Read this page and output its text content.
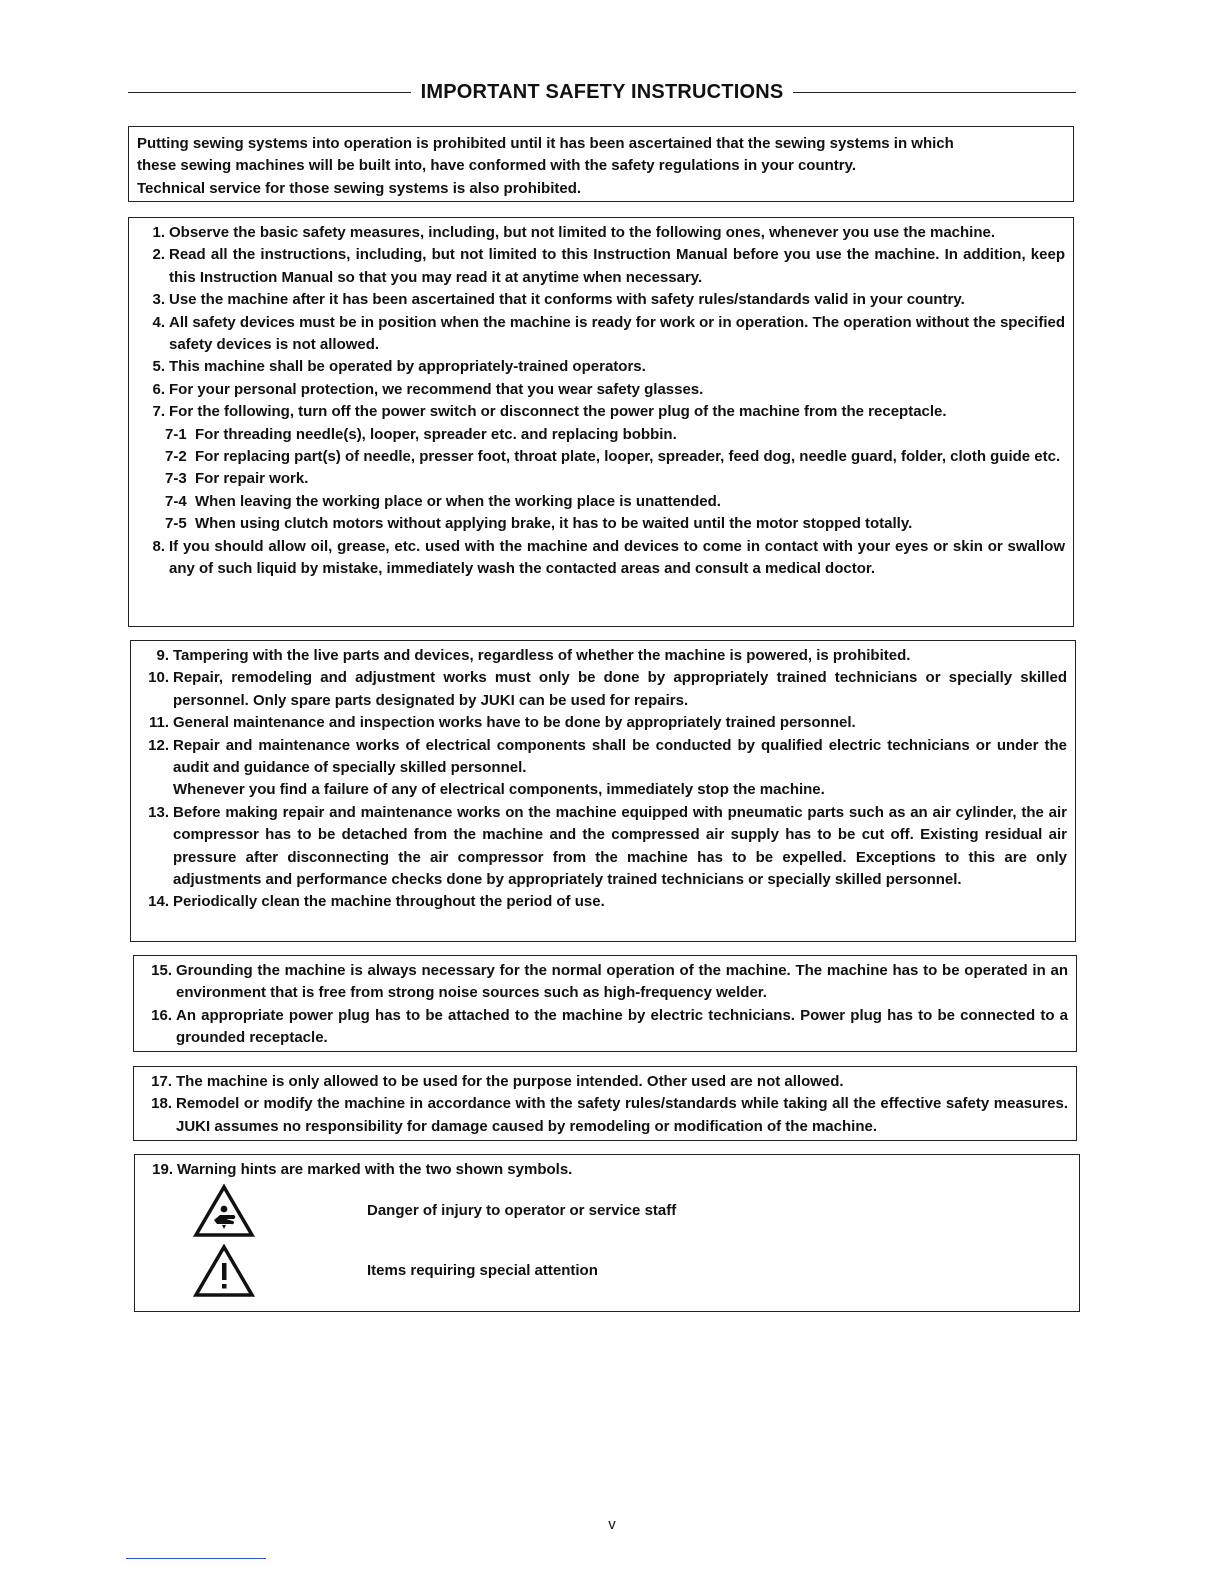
IMPORTANT SAFETY INSTRUCTIONS

Putting sewing systems into operation is prohibited until it has been ascertained that the sewing systems in which

these sewing machines will be built into, have conformed with the safety regulations in your country.

Technical service for those sewing systems is also prohibited.

1. Observe the basic safety measures, including, but not limited to the following ones, whenever you use the machine.
2. Read all the instructions, including, but not limited to this Instruction Manual before you use the machine. In addition, keep this Instruction Manual so that you may read it at anytime when necessary.
3. Use the machine after it has been ascertained that it conforms with safety rules/standards valid in your country.
4. All safety devices must be in position when the machine is ready for work or in operation. The operation without the specified safety devices is not allowed.
5. This machine shall be operated by appropriately-trained operators.
6. For your personal protection, we recommend that you wear safety glasses.
7. For the following, turn off the power switch or disconnect the power plug of the machine from the receptacle.
7-1 For threading needle(s), looper, spreader etc. and replacing bobbin.
7-2 For replacing part(s) of needle, presser foot, throat plate, looper, spreader, feed dog, needle guard, folder, cloth guide etc.
7-3 For repair work.
7-4 When leaving the working place or when the working place is unattended.
7-5 When using clutch motors without applying brake, it has to be waited until the motor stopped totally.
8. If you should allow oil, grease, etc. used with the machine and devices to come in contact with your eyes or skin or swallow any of such liquid by mistake, immediately wash the contacted areas and consult a medical doctor.
9. Tampering with the live parts and devices, regardless of whether the machine is powered, is prohibited.
10. Repair, remodeling and adjustment works must only be done by appropriately trained technicians or specially skilled personnel. Only spare parts designated by JUKI can be used for repairs.
11. General maintenance and inspection works have to be done by appropriately trained personnel.
12. Repair and maintenance works of electrical components shall be conducted by qualified electric technicians or under the audit and guidance of specially skilled personnel.
Whenever you find a failure of any of electrical components, immediately stop the machine.
13. Before making repair and maintenance works on the machine equipped with pneumatic parts such as an air cylinder, the air compressor has to be detached from the machine and the compressed air supply has to be cut off. Existing residual air pressure after disconnecting the air compressor from the machine has to be expelled. Exceptions to this are only adjustments and performance checks done by appropriately trained technicians or specially skilled personnel.
14. Periodically clean the machine throughout the period of use.
15. Grounding the machine is always necessary for the normal operation of the machine. The machine has to be operated in an environment that is free from strong noise sources such as high-frequency welder.
16. An appropriate power plug has to be attached to the machine by electric technicians. Power plug has to be connected to a grounded receptacle.
17. The machine is only allowed to be used for the purpose intended. Other used are not allowed.
18. Remodel or modify the machine in accordance with the safety rules/standards while taking all the effective safety measures. JUKI assumes no responsibility for damage caused by remodeling or modification of the machine.
19. Warning hints are marked with the two shown symbols.
Danger of injury to operator or service staff
Items requiring special attention
v
